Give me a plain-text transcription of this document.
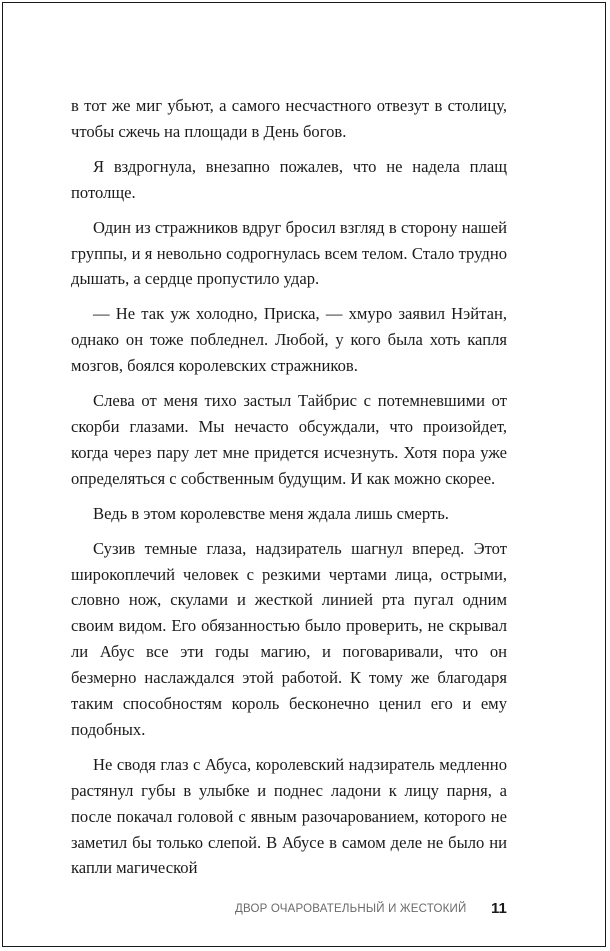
в тот же миг убьют, а самого несчастного отвезут в столицу, чтобы сжечь на площади в День богов.

Я вздрогнула, внезапно пожалев, что не надела плащ потолще.

Один из стражников вдруг бросил взгляд в сторону нашей группы, и я невольно содрогнулась всем телом. Стало трудно дышать, а сердце пропустило удар.

— Не так уж холодно, Приска, — хмуро заявил Нэйтан, однако он тоже побледнел. Любой, у кого была хоть капля мозгов, боялся королевских стражников.

Слева от меня тихо застыл Тайбрис с потемневшими от скорби глазами. Мы нечасто обсуждали, что произойдет, когда через пару лет мне придется исчезнуть. Хотя пора уже определяться с собственным будущим. И как можно скорее.

Ведь в этом королевстве меня ждала лишь смерть.

Сузив темные глаза, надзиратель шагнул вперед. Этот широкоплечий человек с резкими чертами лица, острыми, словно нож, скулами и жесткой линией рта пугал одним своим видом. Его обязанностью было проверить, не скрывал ли Абус все эти годы магию, и поговаривали, что он безмерно наслаждался этой работой. К тому же благодаря таким способностям король бесконечно ценил его и ему подобных.

Не сводя глаз с Абуса, королевский надзиратель медленно растянул губы в улыбке и поднес ладони к лицу парня, а после покачал головой с явным разочарованием, которого не заметил бы только слепой. В Абусе в самом деле не было ни капли магической

ДВОР ОЧАРОВАТЕЛЬНЫЙ И ЖЕСТОКИЙ 11
